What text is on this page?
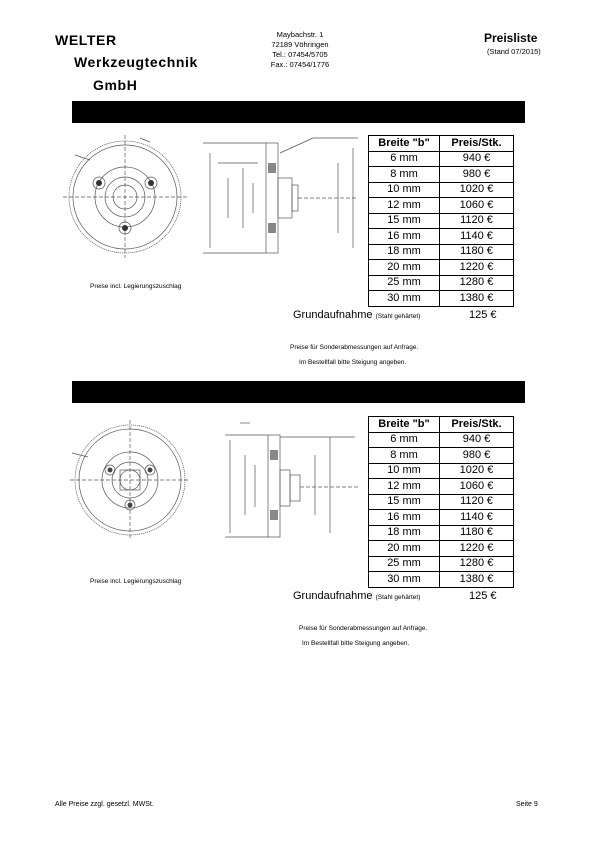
WELTER
Werkzeugtechnik
GmbH
Maybachstr. 1
72189 Vöhringen
Tel.: 07454/5705
Fax.: 07454/1776
Preisliste
(Stand 07/2015)
Breite "b"	Preis/Stk.
6 mm	940 €
8 mm	980 €
10 mm	1020 €
12 mm	1060 €
15 mm	1120 €
16 mm	1140 €
18 mm	1180 €
20 mm	1220 €
25 mm	1280 €
30 mm	1380 €
Grundaufnahme (Stahl gehärtet)	125 €
Preise incl. Legierungszuschlag
Preise für Sonderabmessungen auf Anfrage.
Im Bestellfall bitte Steigung angeben.
Breite "b"	Preis/Stk.
6 mm	940 €
8 mm	980 €
10 mm	1020 €
12 mm	1060 €
15 mm	1120 €
16 mm	1140 €
18 mm	1180 €
20 mm	1220 €
25 mm	1280 €
30 mm	1380 €
Grundaufnahme (Stahl gehärtet)	125 €
Preise incl. Legierungszuschlag
Preise für Sonderabmessungen auf Anfrage.
Im Bestellfall bitte Steigung angeben.
Alle Preise zzgl. gesetzl. MWSt.	Seite 9
